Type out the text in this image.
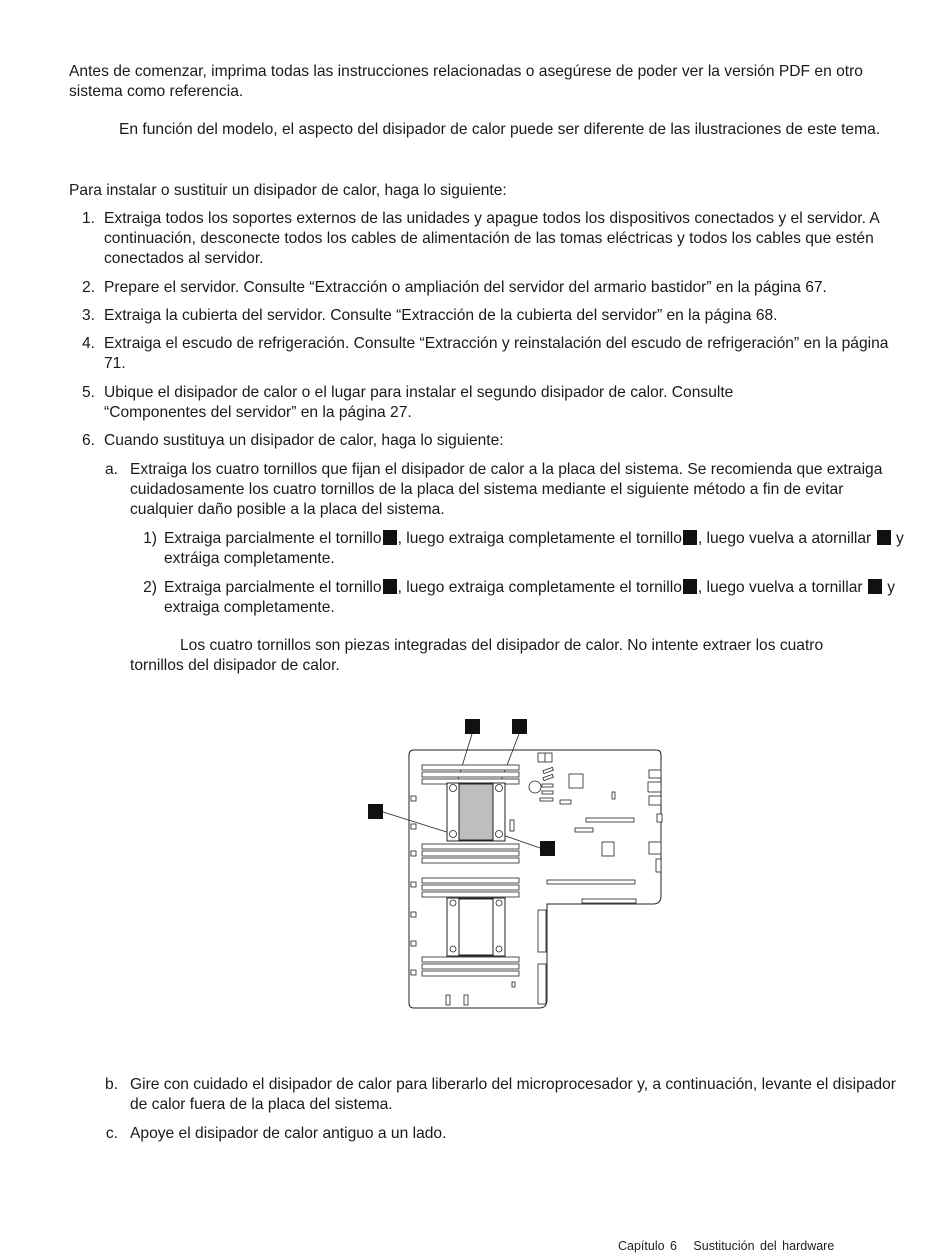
Antes de comenzar, imprima todas las instrucciones relacionadas o asegúrese de poder ver la versión PDF en otro sistema como referencia.

En función del modelo, el aspecto del disipador de calor puede ser diferente de las ilustraciones de este tema.

Para instalar o sustituir un disipador de calor, haga lo siguiente:

1. Extraiga todos los soportes externos de las unidades y apague todos los dispositivos conectados y el servidor. A continuación, desconecte todos los cables de alimentación de las tomas eléctricas y todos los cables que estén conectados al servidor.

2. Prepare el servidor. Consulte “Extracción o ampliación del servidor del armario bastidor” en la página 67.

3. Extraiga la cubierta del servidor. Consulte “Extracción de la cubierta del servidor” en la página 68.

4. Extraiga el escudo de refrigeración. Consulte “Extracción y reinstalación del escudo de refrigeración” en la página 71.

5. Ubique el disipador de calor o el lugar para instalar el segundo disipador de calor. Consulte “Componentes del servidor” en la página 27.

6. Cuando sustituya un disipador de calor, haga lo siguiente:

a. Extraiga los cuatro tornillos que fijan el disipador de calor a la placa del sistema. Se recomienda que extraiga cuidadosamente los cuatro tornillos de la placa del sistema mediante el siguiente método a fin de evitar cualquier daño posible a la placa del sistema.

1) Extraiga parcialmente el tornillo , luego extraiga completamente el tornillo , luego vuelva a atornillar y extráiga completamente.

2) Extraiga parcialmente el tornillo , luego extraiga completamente el tornillo , luego vuelva a tornillar y extraiga completamente.

Los cuatro tornillos son piezas integradas del disipador de calor. No intente extraer los cuatro tornillos del disipador de calor.

b. Gire con cuidado el disipador de calor para liberarlo del microprocesador y, a continuación, levante el disipador de calor fuera de la placa del sistema.

c. Apoye el disipador de calor antiguo a un lado.

Capítulo 6 Sustitución del hardware
